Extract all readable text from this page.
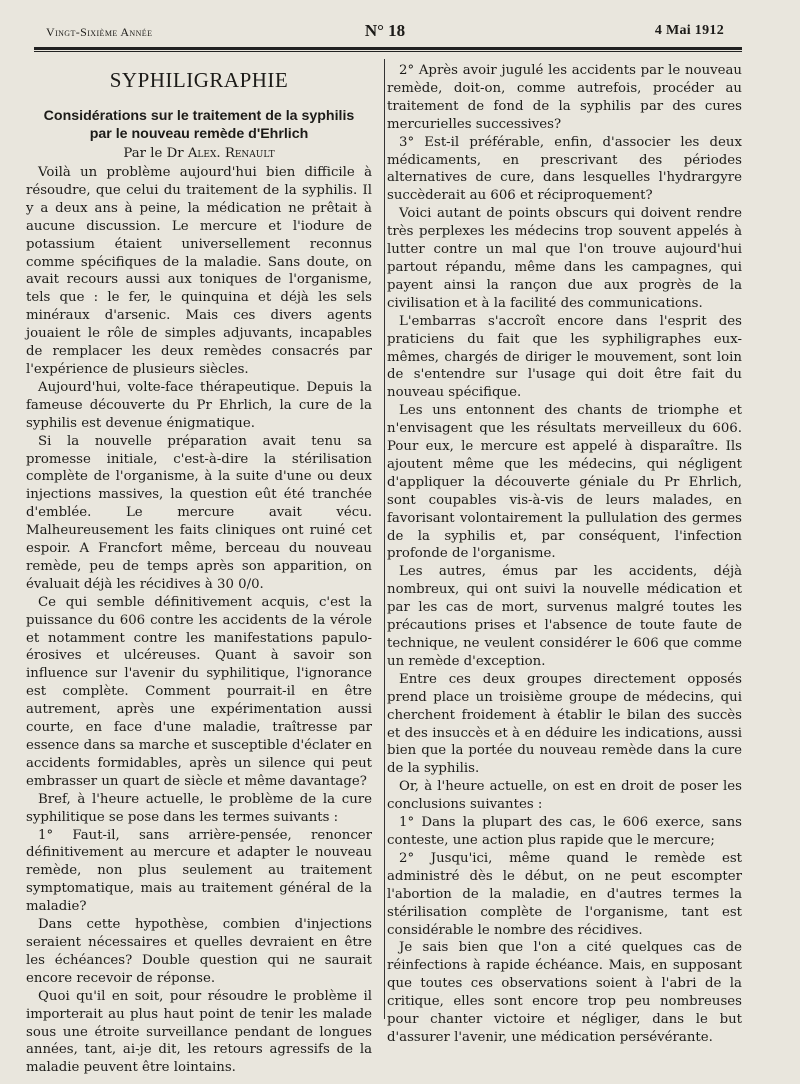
Vingt-Sixième Année	N° 18	4 Mai 1912
SYPHILIGRAPHIE
Considérations sur le traitement de la syphilis
par le nouveau remède d'Ehrlich
Par le Dr Alex. Renault

Voilà un problème aujourd'hui bien difficile à résoudre, que celui du traitement de la syphilis. Il y a deux ans à peine, la médication ne prêtait à aucune discussion. Le mercure et l'iodure de potassium étaient universellement reconnus comme spécifiques de la maladie. Sans doute, on avait recours aussi aux toniques de l'organisme, tels que : le fer, le quinquina et déjà les sels minéraux d'arsenic. Mais ces divers agents jouaient le rôle de simples adjuvants, incapables de remplacer les deux remèdes consacrés par l'expérience de plusieurs siècles.

Aujourd'hui, volte-face thérapeutique. Depuis la fameuse découverte du Pr Ehrlich, la cure de la syphilis est devenue énigmatique.

Si la nouvelle préparation avait tenu sa promesse initiale, c'est-à-dire la stérilisation complète de l'organisme, à la suite d'une ou deux injections massives, la question eût été tranchée d'emblée. Le mercure avait vécu. Malheureusement les faits cliniques ont ruiné cet espoir. A Francfort même, berceau du nouveau remède, peu de temps après son apparition, on évaluait déjà les récidives à 30 0/0.

Ce qui semble définitivement acquis, c'est la puissance du 606 contre les accidents de la vérole et notamment contre les manifestations papulo-érosives et ulcéreuses. Quant à savoir son influence sur l'avenir du syphilitique, l'ignorance est complète. Comment pourrait-il en être autrement, après une expérimentation aussi courte, en face d'une maladie, traîtresse par essence dans sa marche et susceptible d'éclater en accidents formidables, après un silence qui peut embrasser un quart de siècle et même davantage?

Bref, à l'heure actuelle, le problème de la cure syphilitique se pose dans les termes suivants :

1° Faut-il, sans arrière-pensée, renoncer définitivement au mercure et adapter le nouveau remède, non plus seulement au traitement symptomatique, mais au traitement général de la maladie?

Dans cette hypothèse, combien d'injections seraient nécessaires et quelles devraient en être les échéances? Double question qui ne saurait encore recevoir de réponse.

Quoi qu'il en soit, pour résoudre le problème il importerait au plus haut point de tenir les malade sous une étroite surveillance pendant de longues années, tant, ai-je dit, les retours agressifs de la maladie peuvent être lointains.

2° Après avoir jugulé les accidents par le nouveau remède, doit-on, comme autrefois, procéder au traitement de fond de la syphilis par des cures mercurielles successives?

3° Est-il préférable, enfin, d'associer les deux médicaments, en prescrivant des périodes alternatives de cure, dans lesquelles l'hydrargyre succèderait au 606 et réciproquement?

Voici autant de points obscurs qui doivent rendre très perplexes les médecins trop souvent appelés à lutter contre un mal que l'on trouve aujourd'hui partout répandu, même dans les campagnes, qui payent ainsi la rançon due aux progrès de la civilisation et à la facilité des communications.

L'embarras s'accroît encore dans l'esprit des praticiens du fait que les syphiligraphes eux-mêmes, chargés de diriger le mouvement, sont loin de s'entendre sur l'usage qui doit être fait du nouveau spécifique.

Les uns entonnent des chants de triomphe et n'envisagent que les résultats merveilleux du 606. Pour eux, le mercure est appelé à disparaître. Ils ajoutent même que les médecins, qui négligent d'appliquer la découverte géniale du Pr Ehrlich, sont coupables vis-à-vis de leurs malades, en favorisant volontairement la pullulation des germes de la syphilis et, par conséquent, l'infection profonde de l'organisme.

Les autres, émus par les accidents, déjà nombreux, qui ont suivi la nouvelle médication et par les cas de mort, survenus malgré toutes les précautions prises et l'absence de toute faute de technique, ne veulent considérer le 606 que comme un remède d'exception.

Entre ces deux groupes directement opposés prend place un troisième groupe de médecins, qui cherchent froidement à établir le bilan des succès et des insuccès et à en déduire les indications, aussi bien que la portée du nouveau remède dans la cure de la syphilis.

Or, à l'heure actuelle, on est en droit de poser les conclusions suivantes :

1° Dans la plupart des cas, le 606 exerce, sans conteste, une action plus rapide que le mercure;

2° Jusqu'ici, même quand le remède est administré dès le début, on ne peut escompter l'abortion de la maladie, en d'autres termes la stérilisation complète de l'organisme, tant est considérable le nombre des récidives.

Je sais bien que l'on a cité quelques cas de réinfections à rapide échéance. Mais, en supposant que toutes ces observations soient à l'abri de la critique, elles sont encore trop peu nombreuses pour chanter victoire et négliger, dans le but d'assurer l'avenir, une médication persévérante.
